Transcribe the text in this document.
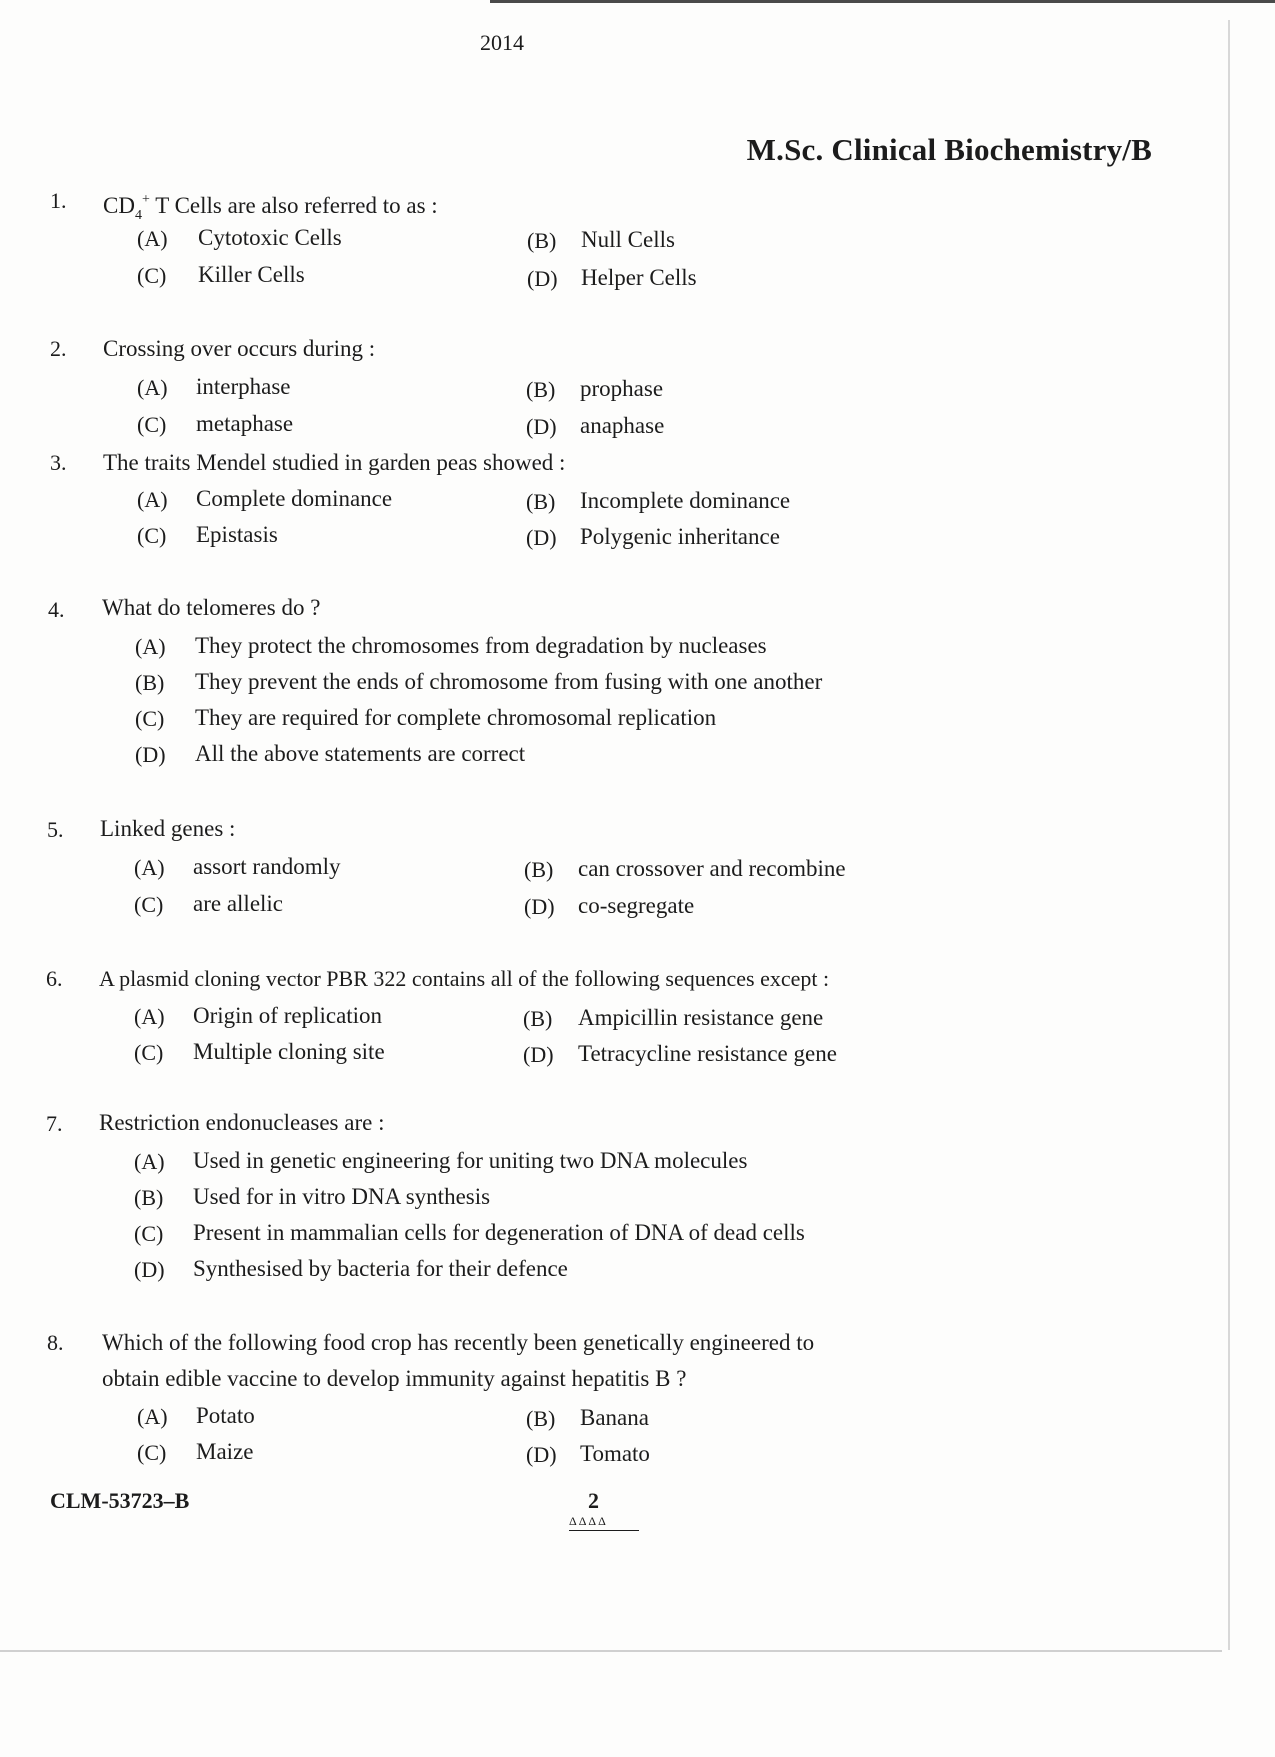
2014
M.Sc. Clinical Biochemistry/B
1. $CD_4^+$ T Cells are also referred to as :
(A) Cytotoxic Cells	(B) Null Cells
(C) Killer Cells	(D) Helper Cells
2. Crossing over occurs during :
(A) interphase	(B) prophase
(C) metaphase	(D) anaphase
3. The traits Mendel studied in garden peas showed :
(A) Complete dominance	(B) Incomplete dominance
(C) Epistasis	(D) Polygenic inheritance
4. What do telomeres do ?
(A) They protect the chromosomes from degradation by nucleases
(B) They prevent the ends of chromosome from fusing with one another
(C) They are required for complete chromosomal replication
(D) All the above statements are correct
5. Linked genes :
(A) assort randomly	(B) can crossover and recombine
(C) are allelic	(D) co-segregate
6. A plasmid cloning vector PBR 322 contains all of the following sequences except :
(A) Origin of replication	(B) Ampicillin resistance gene
(C) Multiple cloning site	(D) Tetracycline resistance gene
7. Restriction endonucleases are :
(A) Used in genetic engineering for uniting two DNA molecules
(B) Used for in vitro DNA synthesis
(C) Present in mammalian cells for degeneration of DNA of dead cells
(D) Synthesised by bacteria for their defence
8. Which of the following food crop has recently been genetically engineered to
obtain edible vaccine to develop immunity against hepatitis B ?
(A) Potato	(B) Banana
(C) Maize	(D) Tomato
CLM-53723–B	2
ΔΔΔΔ
